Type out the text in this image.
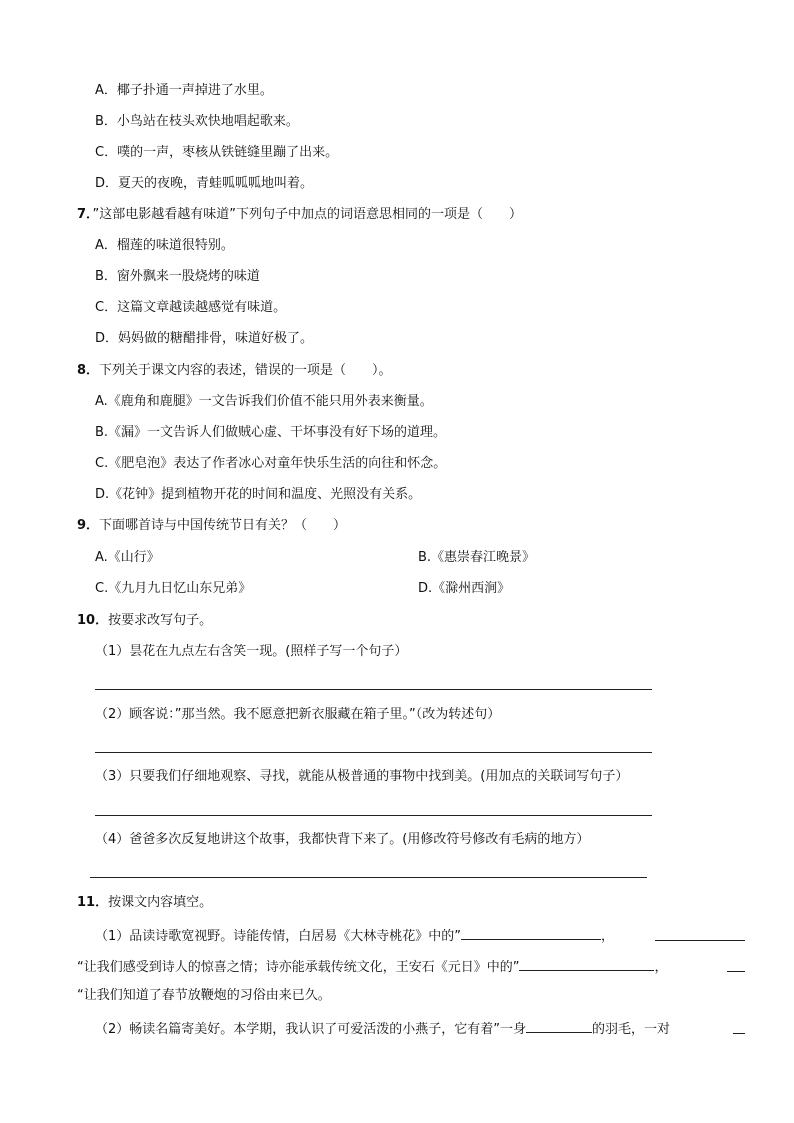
A．椰子扑通一声掉进了水里。
B．小鸟站在枝头欢快地唱起歌来。
C．噗的一声，枣核从铁链缝里蹦了出来。
D．夏天的夜晚，青蛙呱呱呱地叫着。
7．”这部电影越看越有味道”下列句子中加点的词语意思相同的一项是（　　）
A．榴莲的味道很特别。
B．窗外飘来一股烧烤的味道
C．这篇文章越读越感觉有味道。
D．妈妈做的糖醋排骨，味道好极了。
8．下列关于课文内容的表述，错误的一项是（　　）。
A.《鹿角和鹿腿》一文告诉我们价值不能只用外表来衡量。
B.《漏》一文告诉人们做贼心虚、干坏事没有好下场的道理。
C.《肥皂泡》表达了作者冰心对童年快乐生活的向往和怀念。
D.《花钟》提到植物开花的时间和温度、光照没有关系。
9．下面哪首诗与中国传统节日有关？（　　）
A.《山行》	B.《惠崇春江晚景》
C.《九月九日忆山东兄弟》	D.《滁州西涧》
10．按要求改写句子。
（1）昙花在九点左右含笑一现。(照样子写一个句子）
（2）顾客说：”那当然。我不愿意把新衣服藏在箱子里。”（改为转述句）
（3）只要我们仔细地观察、寻找，就能从极普通的事物中找到美。(用加点的关联词写句子）
（4）爸爸多次反复地讲这个故事，我都快背下来了。(用修改符号修改有毛病的地方）
11．按课文内容填空。
（1）品读诗歌宽视野。诗能传情，白居易《大林寺桃花》中的”	，
“让我们感受到诗人的惊喜之情；诗亦能承载传统文化，王安石《元日》中的”	，
“让我们知道了春节放鞭炮的习俗由来已久。
（2）畅读名篇寄美好。本学期，我认识了可爱活泼的小燕子，它有着”一身	的羽毛，一对
